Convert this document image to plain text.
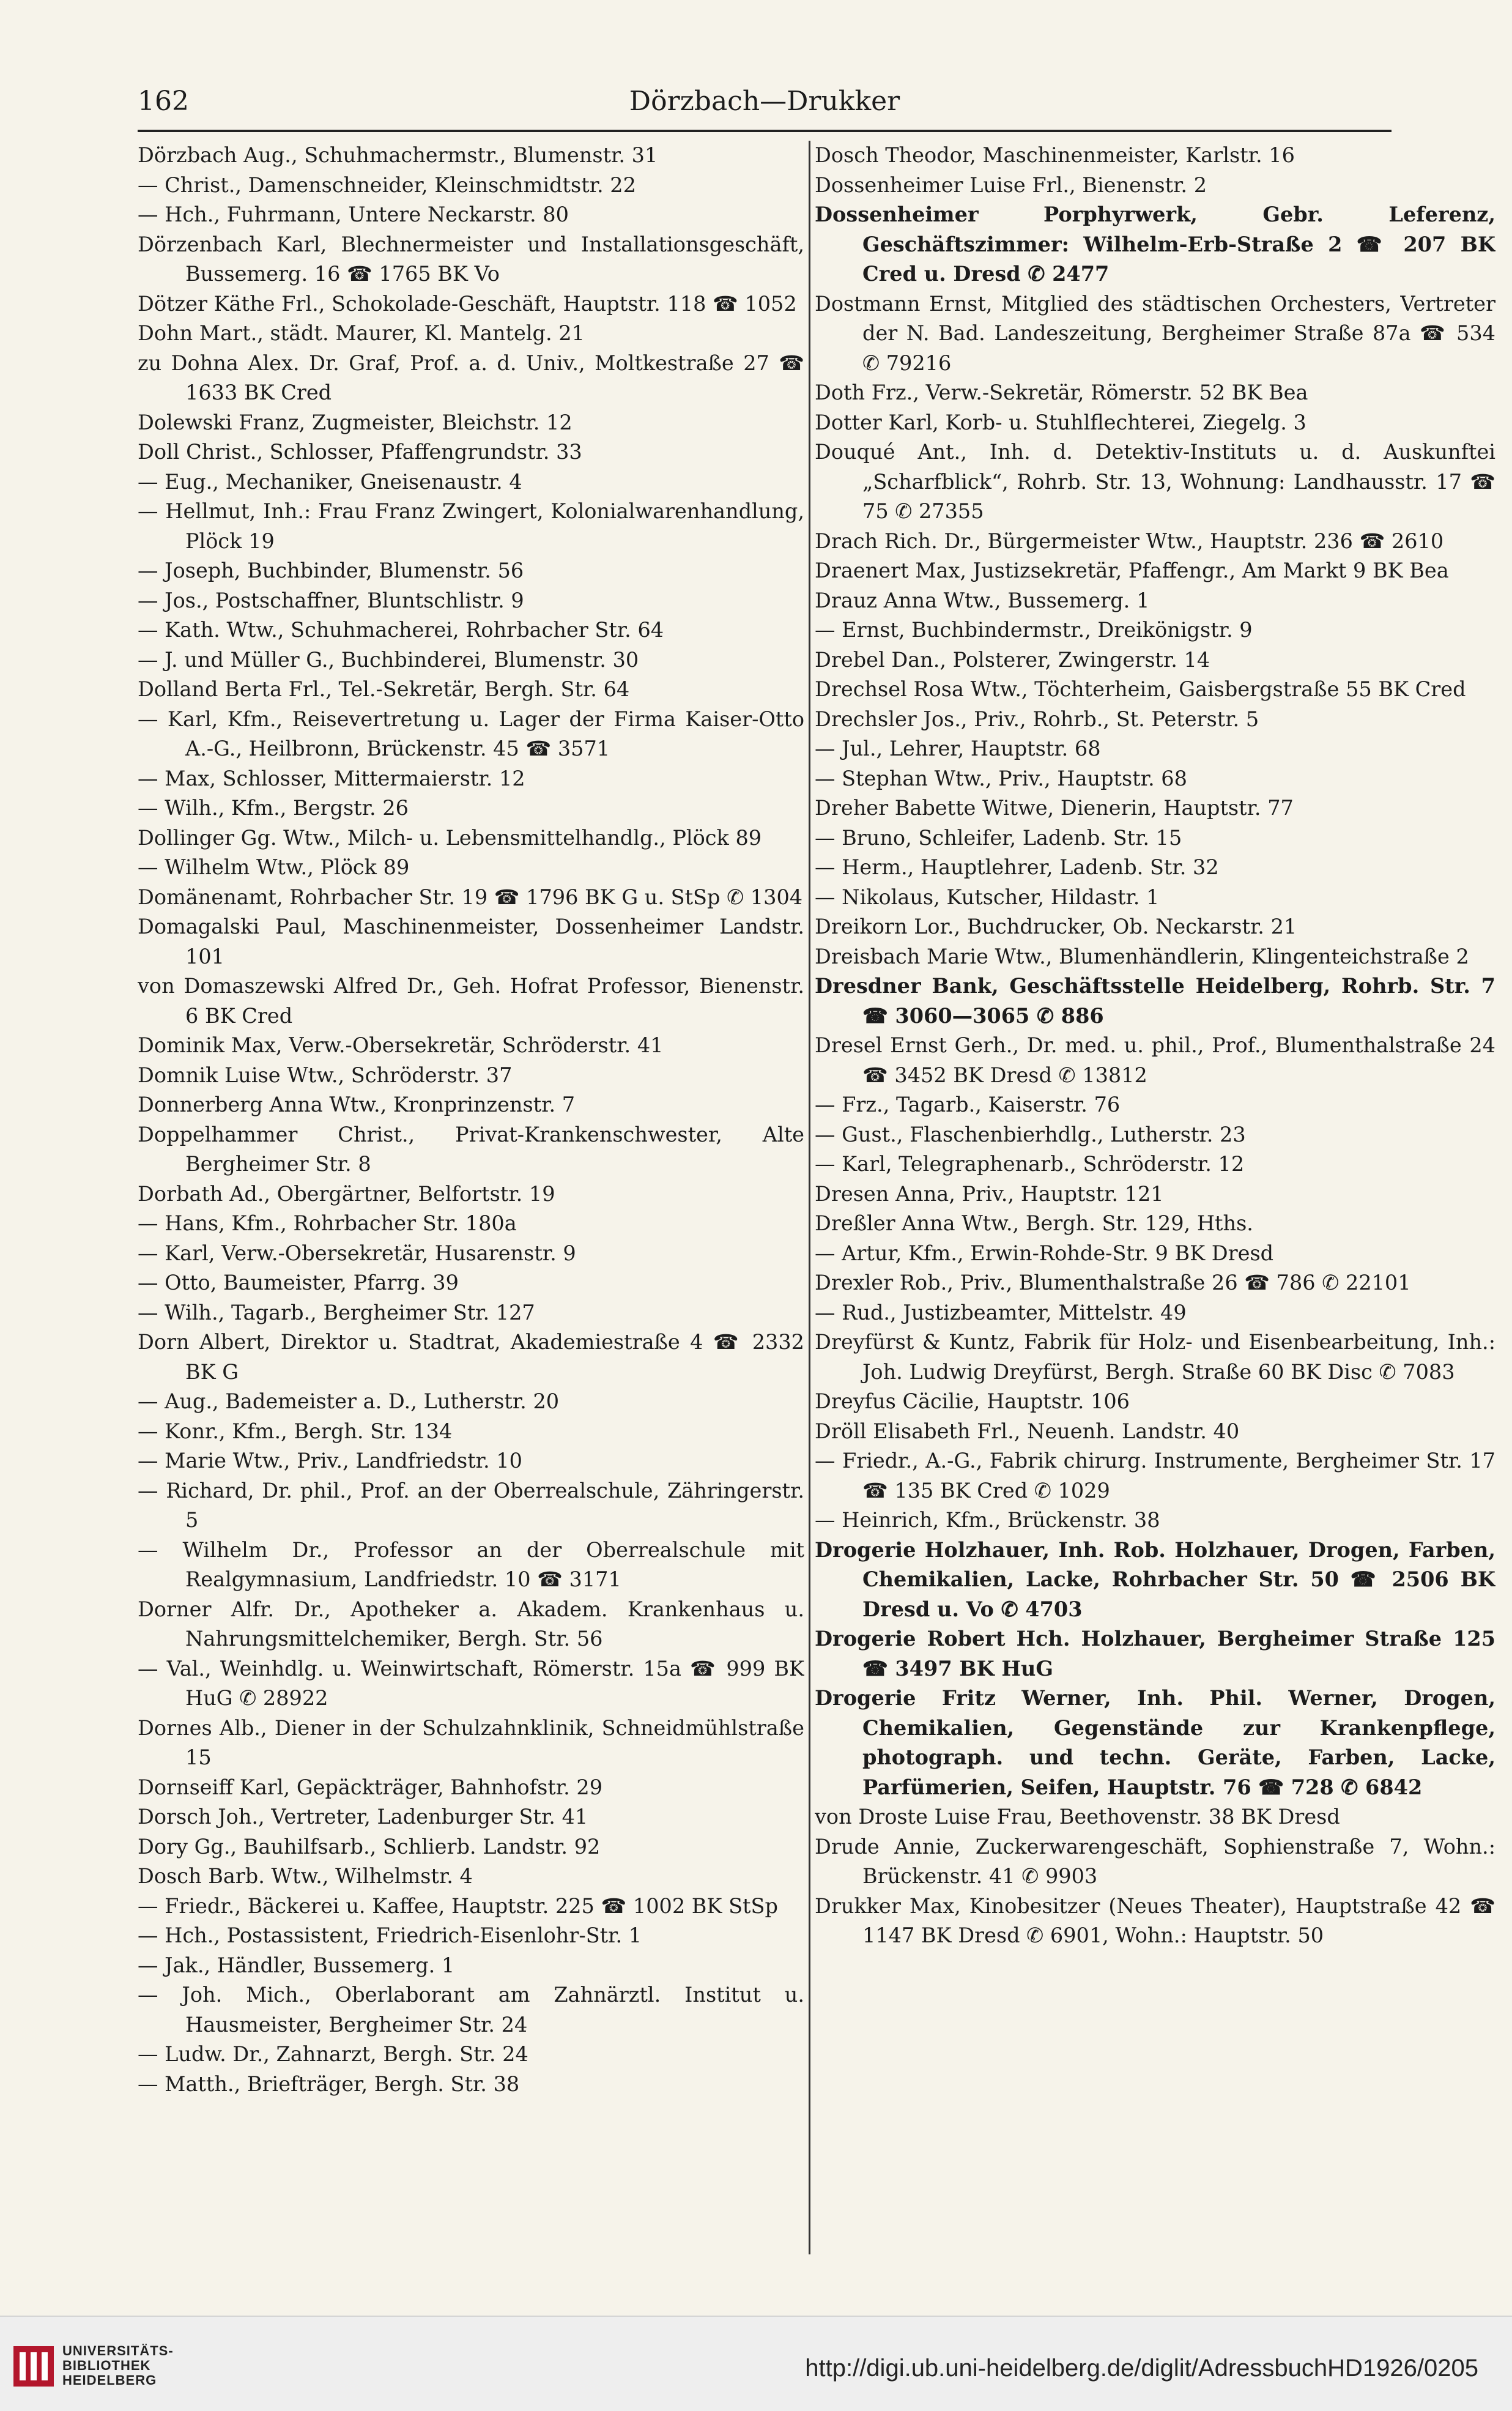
162	Dörzbach—Drukker

Dörzbach Aug., Schuhmachermstr., Blumenstr. 31

— Christ., Damenschneider, Kleinschmidtstr. 22

— Hch., Fuhrmann, Untere Neckarstr. 80

Dörzenbach Karl, Blechnermeister und Installationsgeschäft, Bussemerg. 16 ☎ 1765 BK Vo

Dötzer Käthe Frl., Schokolade-Geschäft, Hauptstr. 118 ☎ 1052

Dohn Mart., städt. Maurer, Kl. Mantelg. 21

zu Dohna Alex. Dr. Graf, Prof. a. d. Univ., Moltkestraße 27 ☎ 1633 BK Cred

Dolewski Franz, Zugmeister, Bleichstr. 12

Doll Christ., Schlosser, Pfaffengrundstr. 33

— Eug., Mechaniker, Gneisenaustr. 4

— Hellmut, Inh.: Frau Franz Zwingert, Kolonialwarenhandlung, Plöck 19

— Joseph, Buchbinder, Blumenstr. 56

— Jos., Postschaffner, Bluntschlistr. 9

— Kath. Wtw., Schuhmacherei, Rohrbacher Str. 64

— J. und Müller G., Buchbinderei, Blumenstr. 30

Dolland Berta Frl., Tel.-Sekretär, Bergh. Str. 64

— Karl, Kfm., Reisevertretung u. Lager der Firma Kaiser-Otto A.-G., Heilbronn, Brückenstr. 45 ☎ 3571

— Max, Schlosser, Mittermaierstr. 12

— Wilh., Kfm., Bergstr. 26

Dollinger Gg. Wtw., Milch- u. Lebensmittelhandlg., Plöck 89

— Wilhelm Wtw., Plöck 89

Domänenamt, Rohrbacher Str. 19 ☎ 1796 BK G u. StSp ✆ 1304

Domagalski Paul, Maschinenmeister, Dossenheimer Landstr. 101

von Domaszewski Alfred Dr., Geh. Hofrat Professor, Bienenstr. 6 BK Cred

Dominik Max, Verw.-Obersekretär, Schröderstr. 41

Domnik Luise Wtw., Schröderstr. 37

Donnerberg Anna Wtw., Kronprinzenstr. 7

Doppelhammer Christ., Privat-Krankenschwester, Alte Bergheimer Str. 8

Dorbath Ad., Obergärtner, Belfortstr. 19

— Hans, Kfm., Rohrbacher Str. 180a

— Karl, Verw.-Obersekretär, Husarenstr. 9

— Otto, Baumeister, Pfarrg. 39

— Wilh., Tagarb., Bergheimer Str. 127

Dorn Albert, Direktor u. Stadtrat, Akademiestraße 4 ☎ 2332 BK G

— Aug., Bademeister a. D., Lutherstr. 20

— Konr., Kfm., Bergh. Str. 134

— Marie Wtw., Priv., Landfriedstr. 10

— Richard, Dr. phil., Prof. an der Oberrealschule, Zähringerstr. 5

— Wilhelm Dr., Professor an der Oberrealschule mit Realgymnasium, Landfriedstr. 10 ☎ 3171

Dorner Alfr. Dr., Apotheker a. Akadem. Krankenhaus u. Nahrungsmittelchemiker, Bergh. Str. 56

— Val., Weinhdlg. u. Weinwirtschaft, Römerstr. 15a ☎ 999 BK HuG ✆ 28922

Dornes Alb., Diener in der Schulzahnklinik, Schneidmühlstraße 15

Dornseiff Karl, Gepäckträger, Bahnhofstr. 29

Dorsch Joh., Vertreter, Ladenburger Str. 41

Dory Gg., Bauhilfsarb., Schlierb. Landstr. 92

Dosch Barb. Wtw., Wilhelmstr. 4

— Friedr., Bäckerei u. Kaffee, Hauptstr. 225 ☎ 1002 BK StSp

— Hch., Postassistent, Friedrich-Eisenlohr-Str. 1

— Jak., Händler, Bussemerg. 1

— Joh. Mich., Oberlaborant am Zahnärztl. Institut u. Hausmeister, Bergheimer Str. 24

— Ludw. Dr., Zahnarzt, Bergh. Str. 24

— Matth., Briefträger, Bergh. Str. 38

Dosch Theodor, Maschinenmeister, Karlstr. 16

Dossenheimer Luise Frl., Bienenstr. 2

Dossenheimer Porphyrwerk, Gebr. Leferenz, Geschäftszimmer: Wilhelm-Erb-Straße 2 ☎ 207 BK Cred u. Dresd ✆ 2477

Dostmann Ernst, Mitglied des städtischen Orchesters, Vertreter der N. Bad. Landeszeitung, Bergheimer Straße 87a ☎ 534 ✆ 79216

Doth Frz., Verw.-Sekretär, Römerstr. 52 BK Bea

Dotter Karl, Korb- u. Stuhlflechterei, Ziegelg. 3

Douqué Ant., Inh. d. Detektiv-Instituts u. d. Auskunftei „Scharfblick“, Rohrb. Str. 13, Wohnung: Landhausstr. 17 ☎ 75 ✆ 27355

Drach Rich. Dr., Bürgermeister Wtw., Hauptstr. 236 ☎ 2610

Draenert Max, Justizsekretär, Pfaffengr., Am Markt 9 BK Bea

Drauz Anna Wtw., Bussemerg. 1

— Ernst, Buchbindermstr., Dreikönigstr. 9

Drebel Dan., Polsterer, Zwingerstr. 14

Drechsel Rosa Wtw., Töchterheim, Gaisbergstraße 55 BK Cred

Drechsler Jos., Priv., Rohrb., St. Peterstr. 5

— Jul., Lehrer, Hauptstr. 68

— Stephan Wtw., Priv., Hauptstr. 68

Dreher Babette Witwe, Dienerin, Hauptstr. 77

— Bruno, Schleifer, Ladenb. Str. 15

— Herm., Hauptlehrer, Ladenb. Str. 32

— Nikolaus, Kutscher, Hildastr. 1

Dreikorn Lor., Buchdrucker, Ob. Neckarstr. 21

Dreisbach Marie Wtw., Blumenhändlerin, Klingenteichstraße 2

Dresdner Bank, Geschäftsstelle Heidelberg, Rohrb. Str. 7 ☎ 3060—3065 ✆ 886

Dresel Ernst Gerh., Dr. med. u. phil., Prof., Blumenthalstraße 24 ☎ 3452 BK Dresd ✆ 13812

— Frz., Tagarb., Kaiserstr. 76

— Gust., Flaschenbierhdlg., Lutherstr. 23

— Karl, Telegraphenarb., Schröderstr. 12

Dresen Anna, Priv., Hauptstr. 121

Dreßler Anna Wtw., Bergh. Str. 129, Hths.

— Artur, Kfm., Erwin-Rohde-Str. 9 BK Dresd

Drexler Rob., Priv., Blumenthalstraße 26 ☎ 786 ✆ 22101

— Rud., Justizbeamter, Mittelstr. 49

Dreyfürst & Kuntz, Fabrik für Holz- und Eisenbearbeitung, Inh.: Joh. Ludwig Dreyfürst, Bergh. Straße 60 BK Disc ✆ 7083

Dreyfus Cäcilie, Hauptstr. 106

Dröll Elisabeth Frl., Neuenh. Landstr. 40

— Friedr., A.-G., Fabrik chirurg. Instrumente, Bergheimer Str. 17 ☎ 135 BK Cred ✆ 1029

— Heinrich, Kfm., Brückenstr. 38

Drogerie Holzhauer, Inh. Rob. Holzhauer, Drogen, Farben, Chemikalien, Lacke, Rohrbacher Str. 50 ☎ 2506 BK Dresd u. Vo ✆ 4703

Drogerie Robert Hch. Holzhauer, Bergheimer Straße 125 ☎ 3497 BK HuG

Drogerie Fritz Werner, Inh. Phil. Werner, Drogen, Chemikalien, Gegenstände zur Krankenpflege, photograph. und techn. Geräte, Farben, Lacke, Parfümerien, Seifen, Hauptstr. 76 ☎ 728 ✆ 6842

von Droste Luise Frau, Beethovenstr. 38 BK Dresd

Drude Annie, Zuckerwarengeschäft, Sophienstraße 7, Wohn.: Brückenstr. 41 ✆ 9903

Drukker Max, Kinobesitzer (Neues Theater), Hauptstraße 42 ☎ 1147 BK Dresd ✆ 6901, Wohn.: Hauptstr. 50

UNIVERSITÄTS-
BIBLIOTHEK
HEIDELBERG	http://digi.ub.uni-heidelberg.de/diglit/AdressbuchHD1926/0205
